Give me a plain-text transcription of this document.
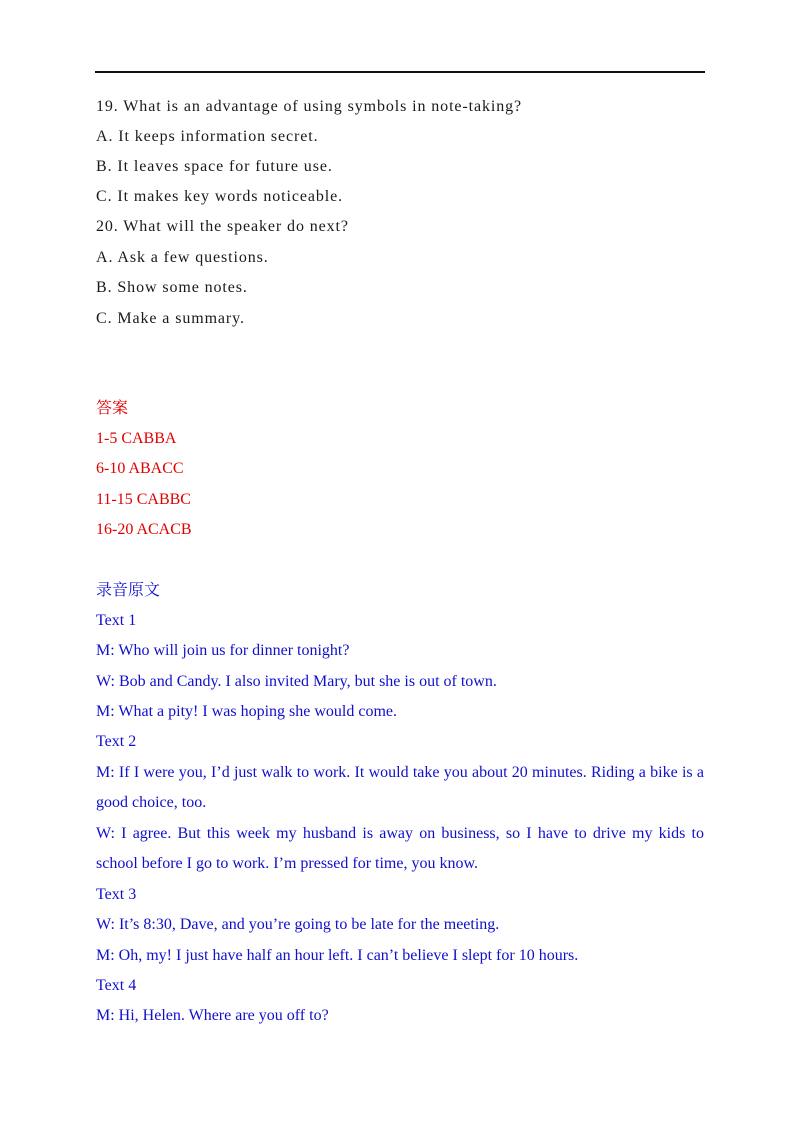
19. What is an advantage of using symbols in note-taking?
A. It keeps information secret.
B. It leaves space for future use.
C. It makes key words noticeable.
20. What will the speaker do next?
A. Ask a few questions.
B. Show some notes.
C. Make a summary.
答案
1-5 CABBA
6-10 ABACC
11-15 CABBC
16-20 ACACB
录音原文
Text 1
M: Who will join us for dinner tonight?
W: Bob and Candy. I also invited Mary, but she is out of town.
M: What a pity! I was hoping she would come.
Text 2
M: If I were you, I’d just walk to work. It would take you about 20 minutes. Riding a bike is a
good choice, too.
W: I agree. But this week my husband is away on business, so I have to drive my kids to
school before I go to work. I’m pressed for time, you know.
Text 3
W: It’s 8:30, Dave, and you’re going to be late for the meeting.
M: Oh, my! I just have half an hour left. I can’t believe I slept for 10 hours.
Text 4
M: Hi, Helen. Where are you off to?
